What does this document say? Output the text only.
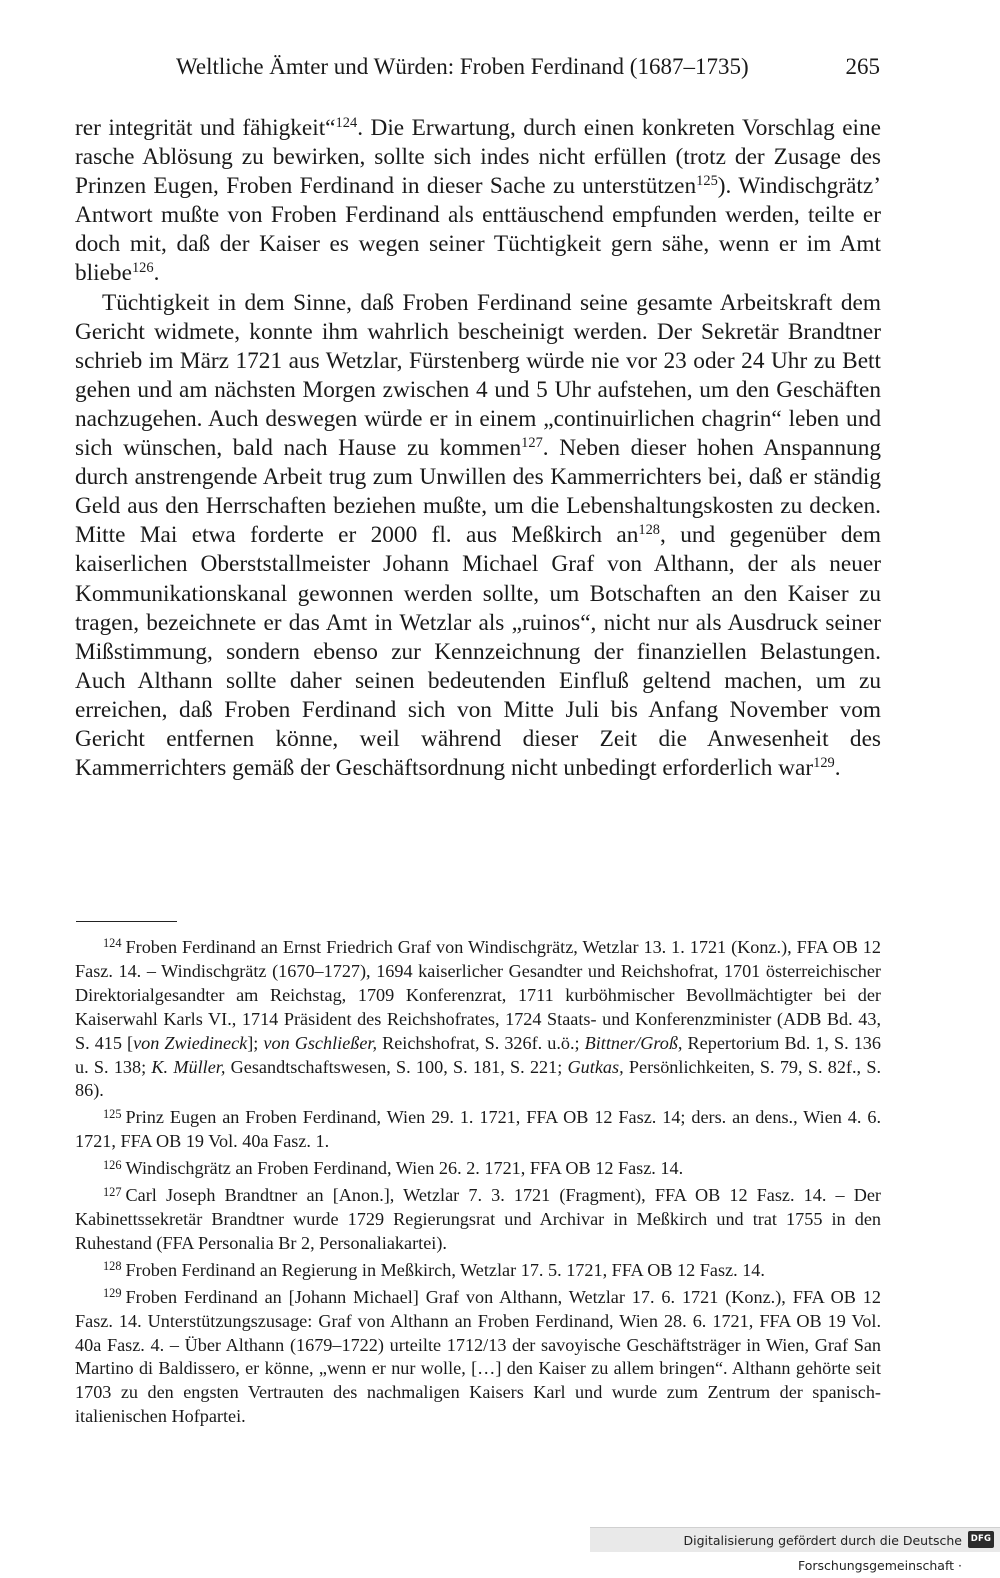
Weltliche Ämter und Würden: Froben Ferdinand (1687–1735)	265

rer integrität und fähigkeit“$^{124}$. Die Erwartung, durch einen konkreten Vorschlag eine rasche Ablösung zu bewirken, sollte sich indes nicht erfüllen (trotz der Zusage des Prinzen Eugen, Froben Ferdinand in dieser Sache zu unterstützen$^{125}$). Windischgrätz’ Antwort mußte von Froben Ferdinand als enttäuschend empfunden werden, teilte er doch mit, daß der Kaiser es wegen seiner Tüchtigkeit gern sähe, wenn er im Amt bliebe$^{126}$.

Tüchtigkeit in dem Sinne, daß Froben Ferdinand seine gesamte Arbeitskraft dem Gericht widmete, konnte ihm wahrlich bescheinigt werden. Der Sekretär Brandtner schrieb im März 1721 aus Wetzlar, Fürstenberg würde nie vor 23 oder 24 Uhr zu Bett gehen und am nächsten Morgen zwischen 4 und 5 Uhr aufstehen, um den Geschäften nachzugehen. Auch deswegen würde er in einem „continuirlichen chagrin“ leben und sich wünschen, bald nach Hause zu kommen$^{127}$. Neben dieser hohen Anspannung durch anstrengende Arbeit trug zum Unwillen des Kammerrichters bei, daß er ständig Geld aus den Herrschaften beziehen mußte, um die Lebenshaltungskosten zu decken. Mitte Mai etwa forderte er 2000 fl. aus Meßkirch $an^{128}$, und gegenüber dem kaiserlichen Oberststallmeister Johann Michael Graf von Althann, der als neuer Kommunikationskanal gewonnen werden sollte, um Botschaften an den Kaiser zu tragen, bezeichnete er das Amt in Wetzlar als „ruinos“, nicht nur als Ausdruck seiner Mißstimmung, sondern ebenso zur Kennzeichnung der finanziellen Belastungen. Auch Althann sollte daher seinen bedeutenden Einfluß geltend machen, um zu erreichen, daß Froben Ferdinand sich von Mitte Juli bis Anfang November vom Gericht entfernen könne, weil während dieser Zeit die Anwesenheit des Kammerrichters gemäß der Geschäftsordnung nicht unbedingt erforderlich war$^{129}$.

$^{124}$ Froben Ferdinand an Ernst Friedrich Graf von Windischgrätz, Wetzlar 13. 1. 1721 (Konz.), FFA OB 12 Fasz. 14. – Windischgrätz (1670–1727), 1694 kaiserlicher Gesandter und Reichshofrat, 1701 österreichischer Direktorialgesandter am Reichstag, 1709 Konferenzrat, 1711 kurböhmischer Bevollmächtigter bei der Kaiserwahl Karls VI., 1714 Präsident des Reichshofrates, 1724 Staats- und Konferenzminister (ADB Bd. 43, S. 415 [von Zwiedineck]; von Gschließer, Reichshofrat, S. 326f. u.ö.; Bittner/Groß, Repertorium Bd. 1, S. 136 u. S. 138; K. Müller, Gesandtschaftswesen, S. 100, S. 181, S. 221; Gutkas, Persönlichkeiten, S. 79, S. 82f., S. 86).

$^{125}$ Prinz Eugen an Froben Ferdinand, Wien 29. 1. 1721, FFA OB 12 Fasz. 14; ders. an dens., Wien 4. 6. 1721, FFA OB 19 Vol. 40a Fasz. 1.

$^{126}$ Windischgrätz an Froben Ferdinand, Wien 26. 2. 1721, FFA OB 12 Fasz. 14.

$^{127}$ Carl Joseph Brandtner an [Anon.], Wetzlar 7. 3. 1721 (Fragment), FFA OB 12 Fasz. 14. – Der Kabinettssekretär Brandtner wurde 1729 Regierungsrat und Archivar in Meßkirch und trat 1755 in den Ruhestand (FFA Personalia Br 2, Personaliakartei).

$^{128}$ Froben Ferdinand an Regierung in Meßkirch, Wetzlar 17. 5. 1721, FFA OB 12 Fasz. 14.

$^{129}$ Froben Ferdinand an [Johann Michael] Graf von Althann, Wetzlar 17. 6. 1721 (Konz.), FFA OB 12 Fasz. 14. Unterstützungszusage: Graf von Althann an Froben Ferdinand, Wien 28. 6. 1721, FFA OB 19 Vol. 40a Fasz. 4. – Über Althann (1679–1722) urteilte 1712/13 der savoyische Geschäftsträger in Wien, Graf San Martino di Baldissero, er könne, „wenn er nur wolle, […] den Kaiser zu allem bringen“. Althann gehörte seit 1703 zu den engsten Vertrauten des nachmaligen Kaisers Karl und wurde zum Zentrum der spanisch-italienischen Hofpartei.

Digitalisierung gefördert durch die Deutsche Forschungsgemeinschaft ·
DFG
